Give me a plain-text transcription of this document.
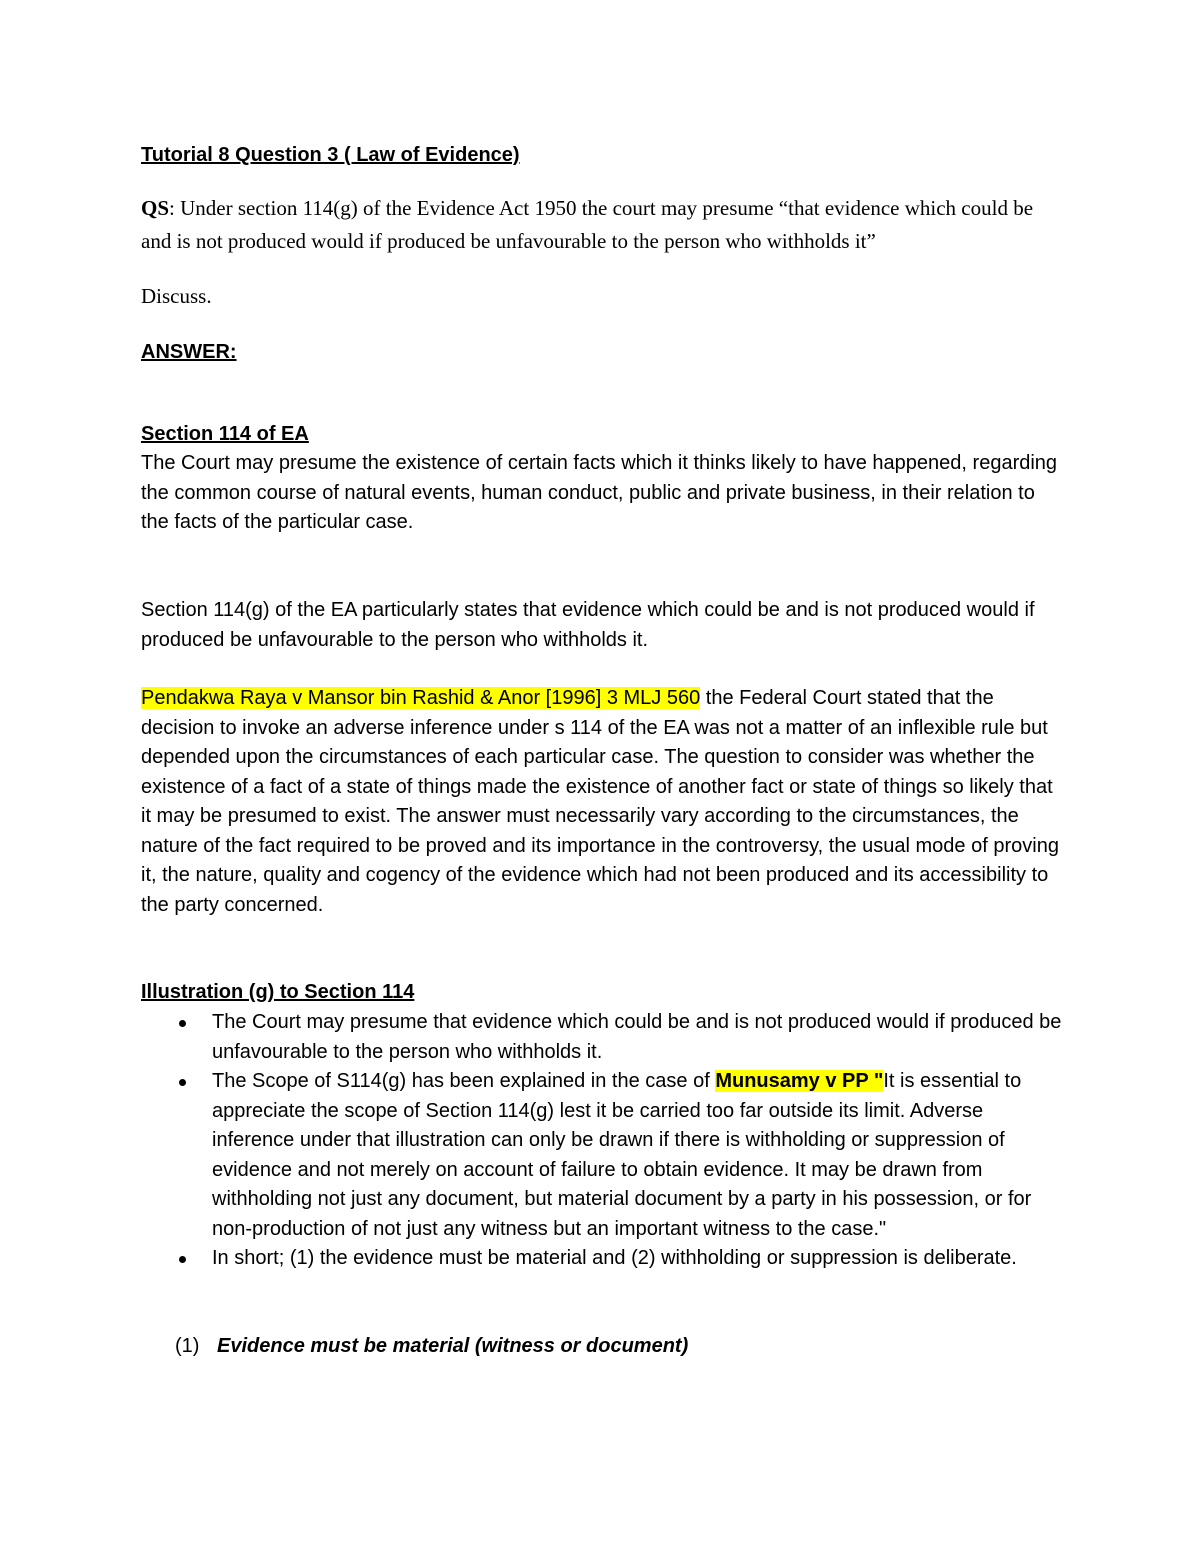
Tutorial 8 Question 3 ( Law of Evidence)

QS: Under section 114(g) of the Evidence Act 1950 the court may presume “that evidence which could be and is not produced would if produced be unfavourable to the person who withholds it”

Discuss.

ANSWER:

Section 114 of EA

The Court may presume the existence of certain facts which it thinks likely to have happened, regarding the common course of natural events, human conduct, public and private business, in their relation to the facts of the particular case.

Section 114(g) of the EA particularly states that evidence which could be and is not produced would if produced be unfavourable to the person who withholds it.

Pendakwa Raya v Mansor bin Rashid & Anor [1996] 3 MLJ 560 the Federal Court stated that the decision to invoke an adverse inference under s 114 of the EA was not a matter of an inflexible rule but depended upon the circumstances of each particular case. The question to consider was whether the existence of a fact of a state of things made the existence of another fact or state of things so likely that it may be presumed to exist. The answer must necessarily vary according to the circumstances, the nature of the fact required to be proved and its importance in the controversy, the usual mode of proving it, the nature, quality and cogency of the evidence which had not been produced and its accessibility to the party concerned.

Illustration (g) to Section 114

The Court may presume that evidence which could be and is not produced would if produced be unfavourable to the person who withholds it.
The Scope of S114(g) has been explained in the case of Munusamy v PP "It is essential to appreciate the scope of Section 114(g) lest it be carried too far outside its limit. Adverse inference under that illustration can only be drawn if there is withholding or suppression of evidence and not merely on account of failure to obtain evidence. It may be drawn from withholding not just any document, but material document by a party in his possession, or for non-production of not just any witness but an important witness to the case."
In short; (1) the evidence must be material and (2) withholding or suppression is deliberate.

(1) Evidence must be material (witness or document)
